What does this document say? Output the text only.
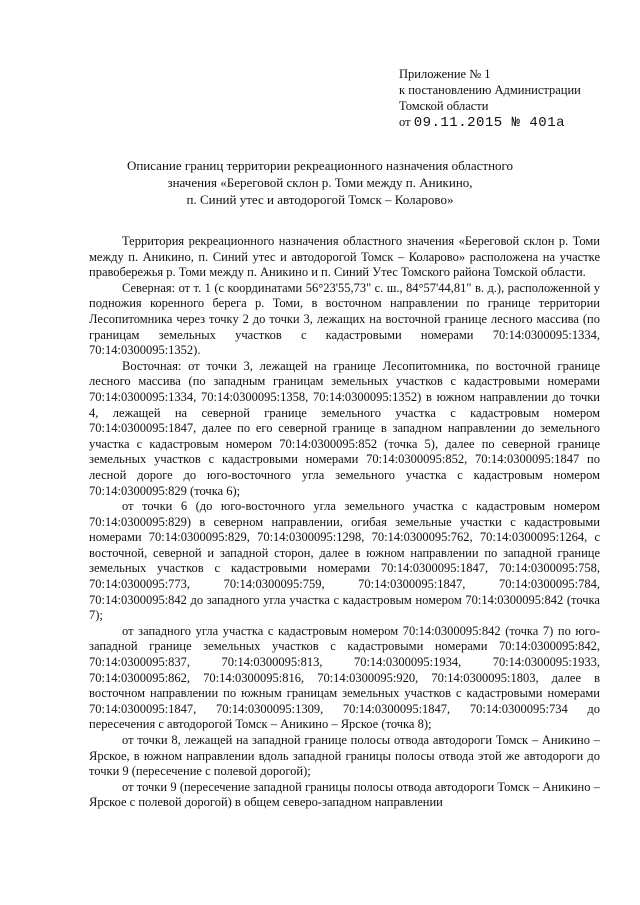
Приложение № 1
к постановлению Администрации
Томской области
от 09.11.2015 № 401а
Описание границ территории рекреационного назначения областного
значения «Береговой склон р. Томи между п. Аникино,
п. Синий утес и автодорогой Томск – Коларово»

Территория рекреационного назначения областного значения «Береговой склон р. Томи между п. Аникино, п. Синий утес и автодорогой Томск – Коларово» расположена на участке правобережья р. Томи между п. Аникино и п. Синий Утес Томского района Томской области.

Северная: от т. 1 (с координатами 56°23'55,73" с. ш., 84°57'44,81" в. д.), расположенной у подножия коренного берега р. Томи, в восточном направлении по границе территории Лесопитомника через точку 2 до точки 3, лежащих на восточной границе лесного массива (по границам земельных участков с кадастровыми номерами 70:14:0300095:1334, 70:14:0300095:1352).

Восточная: от точки 3, лежащей на границе Лесопитомника, по восточной границе лесного массива (по западным границам земельных участков с кадастровыми номерами 70:14:0300095:1334, 70:14:0300095:1358, 70:14:0300095:1352) в южном направлении до точки 4, лежащей на северной границе земельного участка с кадастровым номером 70:14:0300095:1847, далее по его северной границе в западном направлении до земельного участка с кадастровым номером 70:14:0300095:852 (точка 5), далее по северной границе земельных участков с кадастровыми номерами 70:14:0300095:852, 70:14:0300095:1847 по лесной дороге до юго-восточного угла земельного участка с кадастровым номером 70:14:0300095:829 (точка 6);

от точки 6 (до юго-восточного угла земельного участка с кадастровым номером 70:14:0300095:829) в северном направлении, огибая земельные участки с кадастровыми номерами 70:14:0300095:829, 70:14:0300095:1298, 70:14:0300095:762, 70:14:0300095:1264, с восточной, северной и западной сторон, далее в южном направлении по западной границе земельных участков с кадастровыми номерами 70:14:0300095:1847, 70:14:0300095:758, 70:14:0300095:773, 70:14:0300095:759, 70:14:0300095:1847, 70:14:0300095:784, 70:14:0300095:842 до западного угла участка с кадастровым номером 70:14:0300095:842 (точка 7);

от западного угла участка с кадастровым номером 70:14:0300095:842 (точка 7) по юго-западной границе земельных участков с кадастровыми номерами 70:14:0300095:842, 70:14:0300095:837, 70:14:0300095:813, 70:14:0300095:1934, 70:14:0300095:1933, 70:14:0300095:862, 70:14:0300095:816, 70:14:0300095:920, 70:14:0300095:1803, далее в восточном направлении по южным границам земельных участков с кадастровыми номерами 70:14:0300095:1847, 70:14:0300095:1309, 70:14:0300095:1847, 70:14:0300095:734 до пересечения с автодорогой Томск – Аникино – Ярское (точка 8);

от точки 8, лежащей на западной границе полосы отвода автодороги Томск – Аникино – Ярское, в южном направлении вдоль западной границы полосы отвода этой же автодороги до точки 9 (пересечение с полевой дорогой);

от точки 9 (пересечение западной границы полосы отвода автодороги Томск – Аникино – Ярское с полевой дорогой) в общем северо-западном направлении
